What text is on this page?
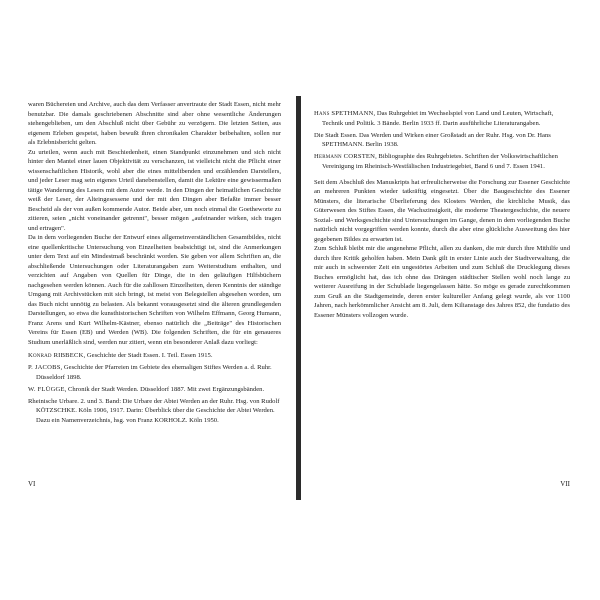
waren Büchereien und Archive, auch das dem Verfasser anvertraute der Stadt Essen, nicht mehr benutzbar. Die damals geschriebenen Abschnitte sind aber ohne wesentliche Änderungen stehengeblieben, um den Abschluß nicht über Gebühr zu verzögern. Die letzten Seiten, aus eigenem Erleben gespeist, haben bewußt ihren chronikalen Charakter beibehalten, sollen nur als Erlebnisbericht gelten.

Zu urteilen, wenn auch mit Beschiedenheit, einen Standpunkt einzunehmen und sich nicht hinter den Mantel einer lauen Objektivität zu verschanzen, ist vielleicht nicht die Pflicht einer wissenschaftlichen Historik, wohl aber die eines mitteltbenden und erzählenden Darstellers, und jeder Leser mag sein eigenes Urteil danebenstellen, damit die Lektüre eine gewissermaßen tätige Wanderung des Lesers mit dem Autor werde. In den Dingen der heimatlichen Geschichte weiß der Leser, der Alteingesessene und der mit den Dingen aber Befaßte immer besser Bescheid als der von außen kommende Autor. Beide aber, um noch einmal die Goetheworte zu zitieren, seien „nicht voneinander getrennt", besser mögen „aufeinander wirken, sich tragen und ertragen".

Da in dem vorliegenden Buche der Entwurf eines allgemeinverständlichen Gesamtbildes, nicht eine quellenkritische Untersuchung von Einzelheiten beabsichtigt ist, sind die Anmerkungen unter dem Text auf ein Mindestmaß beschränkt worden. Sie geben vor allem Schriften an, die abschließende Untersuchungen oder Literaturangaben zum Weiterstudium enthalten, und verzichten auf Angaben von Quellen für Dinge, die in den geläufigen Hilfsbüchern nachgesehen werden können. Auch für die zahllosen Einzelheiten, deren Kenntnis der ständige Umgang mit Archivstücken mit sich bringt, ist meist von Belegstellen abgesehen worden, um das Buch nicht unnötig zu belasten. Als bekannt vorausgesetzt sind die älteren grundlegenden Darstellungen, so etwa die kunsthistorischen Schriften von Wilhelm Effmann, Georg Humann, Franz Arens und Kurt Wilhelm-Kästner, ebenso natürlich die „Beiträge" des Historischen Vereins für Essen (EB) und Werden (WB). Die folgenden Schriften, die für ein genaueres Studium unerläßlich sind, werden nur zitiert, wenn ein besonderer Anlaß dazu vorliegt:

Konrad RIBBECK, Geschichte der Stadt Essen. I. Teil. Essen 1915.

P. JACOBS, Geschichte der Pfarreien im Gebiete des ehemaligen Stiftes Werden a. d. Ruhr. Düsseldorf 1898.

W. FLÜGGE, Chronik der Stadt Werden. Düsseldorf 1887. Mit zwei Ergänzungsbänden.

Rheinische Urbare. 2. und 3. Band: Die Urbare der Abtei Werden an der Ruhr. Hsg. von Rudolf KÖTZSCHKE. Köln 1906, 1917. Darin: Überblick über die Geschichte der Abtei Werden. Dazu ein Namenverzeichnis, hsg. von Franz KORHOLZ. Köln 1950.

VI

Hans SPETHMANN, Das Ruhrgebiet im Wechselspiel von Land und Leuten, Wirtschaft, Technik und Politik. 3 Bände. Berlin 1933 ff. Darin ausführliche Literaturangaben.

Die Stadt Essen. Das Werden und Wirken einer Großstadt an der Ruhr. Hsg. von Dr. Hans SPETHMANN. Berlin 1938.

Hermann CORSTEN, Bibliographie des Ruhrgebietes. Schriften der Volkswirtschaftlichen Vereinigung im Rheinisch-Westfälischen Industriegebiet, Band 6 und 7. Essen 1941.

Seit dem Abschluß des Manuskripts hat erfreulicherweise die Forschung zur Essener Geschichte an mehreren Punkten wieder tatkräftig eingesetzt. Über die Baugeschichte des Essener Münsters, die literarische Überlieferung des Klosters Werden, die kirchliche Musik, das Güterwesen des Stiftes Essen, die Wachszinsigkeit, die moderne Theatergeschichte, die neuere Sozial- und Werksgeschichte sind Untersuchungen im Gange, denen in dem vorliegenden Buche natürlich nicht vorgegriffen werden konnte, durch die aber eine glückliche Ausweitung des hier gegebenen Bildes zu erwarten ist.

Zum Schluß bleibt mir die angenehme Pflicht, allen zu danken, die mir durch ihre Mithilfe und durch ihre Kritik geholfen haben. Mein Dank gilt in erster Linie auch der Stadtverwaltung, die mir auch in schwerster Zeit ein ungestörtes Arbeiten und zum Schluß die Drucklegung dieses Buches ermöglicht hat, das ich ohne das Drängen städtischer Stellen wohl noch lange zu weiterer Ausreifung in der Schublade liegengelassen hätte. So möge es gerade zurechtkommen zum Gruß an die Stadtgemeinde, deren erster kultureller Anfang gelegt wurde, als vor 1100 Jahren, nach herkömmlicher Ansicht am 8. Juli, dem Kilianstage des Jahres 852, die fundatio des Essener Münsters vollzogen wurde.

VII
